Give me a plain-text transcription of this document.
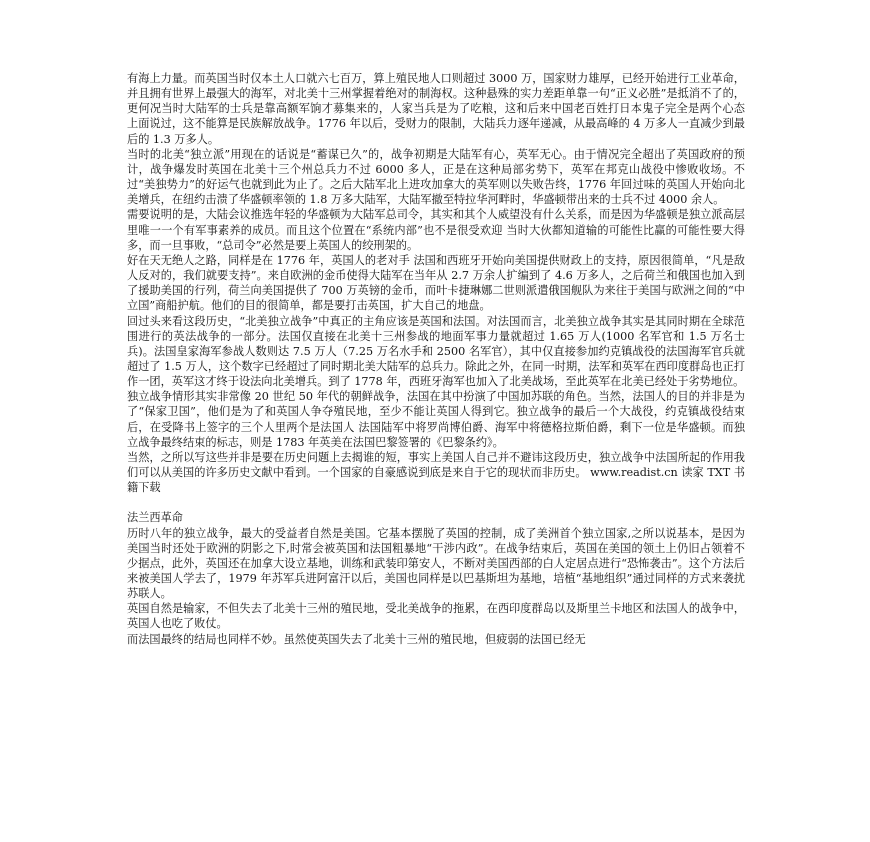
有海上力量。而英国当时仅本土人口就六七百万，算上殖民地人口则超过 3000 万，国家财力雄厚，已经开始进行工业革命，并且拥有世界上最强大的海军，对北美十三州掌握着绝对的制海权。这种悬殊的实力差距单靠一句“正义必胜”是抵消不了的，更何况当时大陆军的士兵是靠高额军饷才募集来的，人家当兵是为了吃粮，这和后来中国老百姓打日本鬼子完全是两个心态 上面说过，这不能算是民族解放战争。1776 年以后，受财力的限制，大陆兵力逐年递减，从最高峰的 4 万多人一直减少到最后的 1.3 万多人。

当时的北美“独立派”用现在的话说是“蓄谋已久”的，战争初期是大陆军有心，英军无心。由于情况完全超出了英国政府的预计，战争爆发时英国在北美十三个州总兵力不过 6000 多人，正是在这种局部劣势下，英军在邦克山战役中惨败收场。不过“美独势力”的好运气也就到此为止了。之后大陆军北上进攻加拿大的英军则以失败告终，1776 年回过味的英国人开始向北美增兵，在纽约击溃了华盛顿率领的 1.8 万多大陆军，大陆军撤至特拉华河畔时，华盛顿带出来的士兵不过 4000 余人。

需要说明的是，大陆会议推选年轻的华盛顿为大陆军总司令，其实和其个人威望没有什么关系，而是因为华盛顿是独立派高层里唯一一个有军事素养的成员。而且这个位置在“系统内部”也不是很受欢迎 当时大伙都知道输的可能性比赢的可能性要大得多，而一旦事败，“总司令”必然是要上英国人的绞刑架的。

好在天无绝人之路，同样是在 1776 年，英国人的老对手 法国和西班牙开始向美国提供财政上的支持，原因很简单，“凡是敌人反对的，我们就要支持”。来自欧洲的金币使得大陆军在当年从 2.7 万余人扩编到了 4.6 万多人，之后荷兰和俄国也加入到了援助美国的行列，荷兰向美国提供了 700 万英镑的金币，而叶卡捷琳娜二世则派遣俄国舰队为来往于美国与欧洲之间的“中立国”商船护航。他们的目的很简单，都是要打击英国，扩大自己的地盘。

回过头来看这段历史，“北美独立战争”中真正的主角应该是英国和法国。对法国而言，北美独立战争其实是其同时期在全球范围进行的英法战争的一部分。法国仅直接在北美十三州参战的地面军事力量就超过 1.65 万人(1000 名军官和 1.5 万名士兵)。法国皇家海军参战人数则达 7.5 万人（7.25 万名水手和 2500 名军官），其中仅直接参加约克镇战役的法国海军官兵就超过了 1.5 万人，这个数字已经超过了同时期北美大陆军的总兵力。除此之外，在同一时期，法军和英军在西印度群岛也正打作一团，英军这才终于设法向北美增兵。到了 1778 年，西班牙海军也加入了北美战场，至此英军在北美已经处于劣势地位。

独立战争情形其实非常像 20 世纪 50 年代的朝鲜战争，法国在其中扮演了中国加苏联的角色。当然，法国人的目的并非是为了“保家卫国”，他们是为了和英国人争夺殖民地，至少不能让英国人得到它。独立战争的最后一个大战役，约克镇战役结束后，在受降书上签字的三个人里两个是法国人 法国陆军中将罗尚博伯爵、海军中将德格拉斯伯爵，剩下一位是华盛顿。而独立战争最终结束的标志，则是 1783 年英美在法国巴黎签署的《巴黎条约》。

当然，之所以写这些并非是要在历史问题上去揭谁的短，事实上美国人自己并不避讳这段历史，独立战争中法国所起的作用我们可以从美国的许多历史文献中看到。一个国家的自豪感说到底是来自于它的现状而非历史。 www.readist.cn 读家 TXT 书籍下载

法兰西革命

历时八年的独立战争，最大的受益者自然是美国。它基本摆脱了英国的控制，成了美洲首个独立国家,之所以说基本，是因为美国当时还处于欧洲的阴影之下,时常会被英国和法国粗暴地“干涉内政”。在战争结束后，英国在美国的领土上仍旧占领着不少据点，此外，英国还在加拿大设立基地，训练和武装印第安人，不断对美国西部的白人定居点进行“恐怖袭击”。这个方法后来被美国人学去了，1979 年苏军兵进阿富汗以后，美国也同样是以巴基斯坦为基地，培植“基地组织”通过同样的方式来袭扰苏联人。

英国自然是输家，不但失去了北美十三州的殖民地，受北美战争的拖累，在西印度群岛以及斯里兰卡地区和法国人的战争中，英国人也吃了败仗。

而法国最终的结局也同样不妙。虽然使英国失去了北美十三州的殖民地，但疲弱的法国已经无
